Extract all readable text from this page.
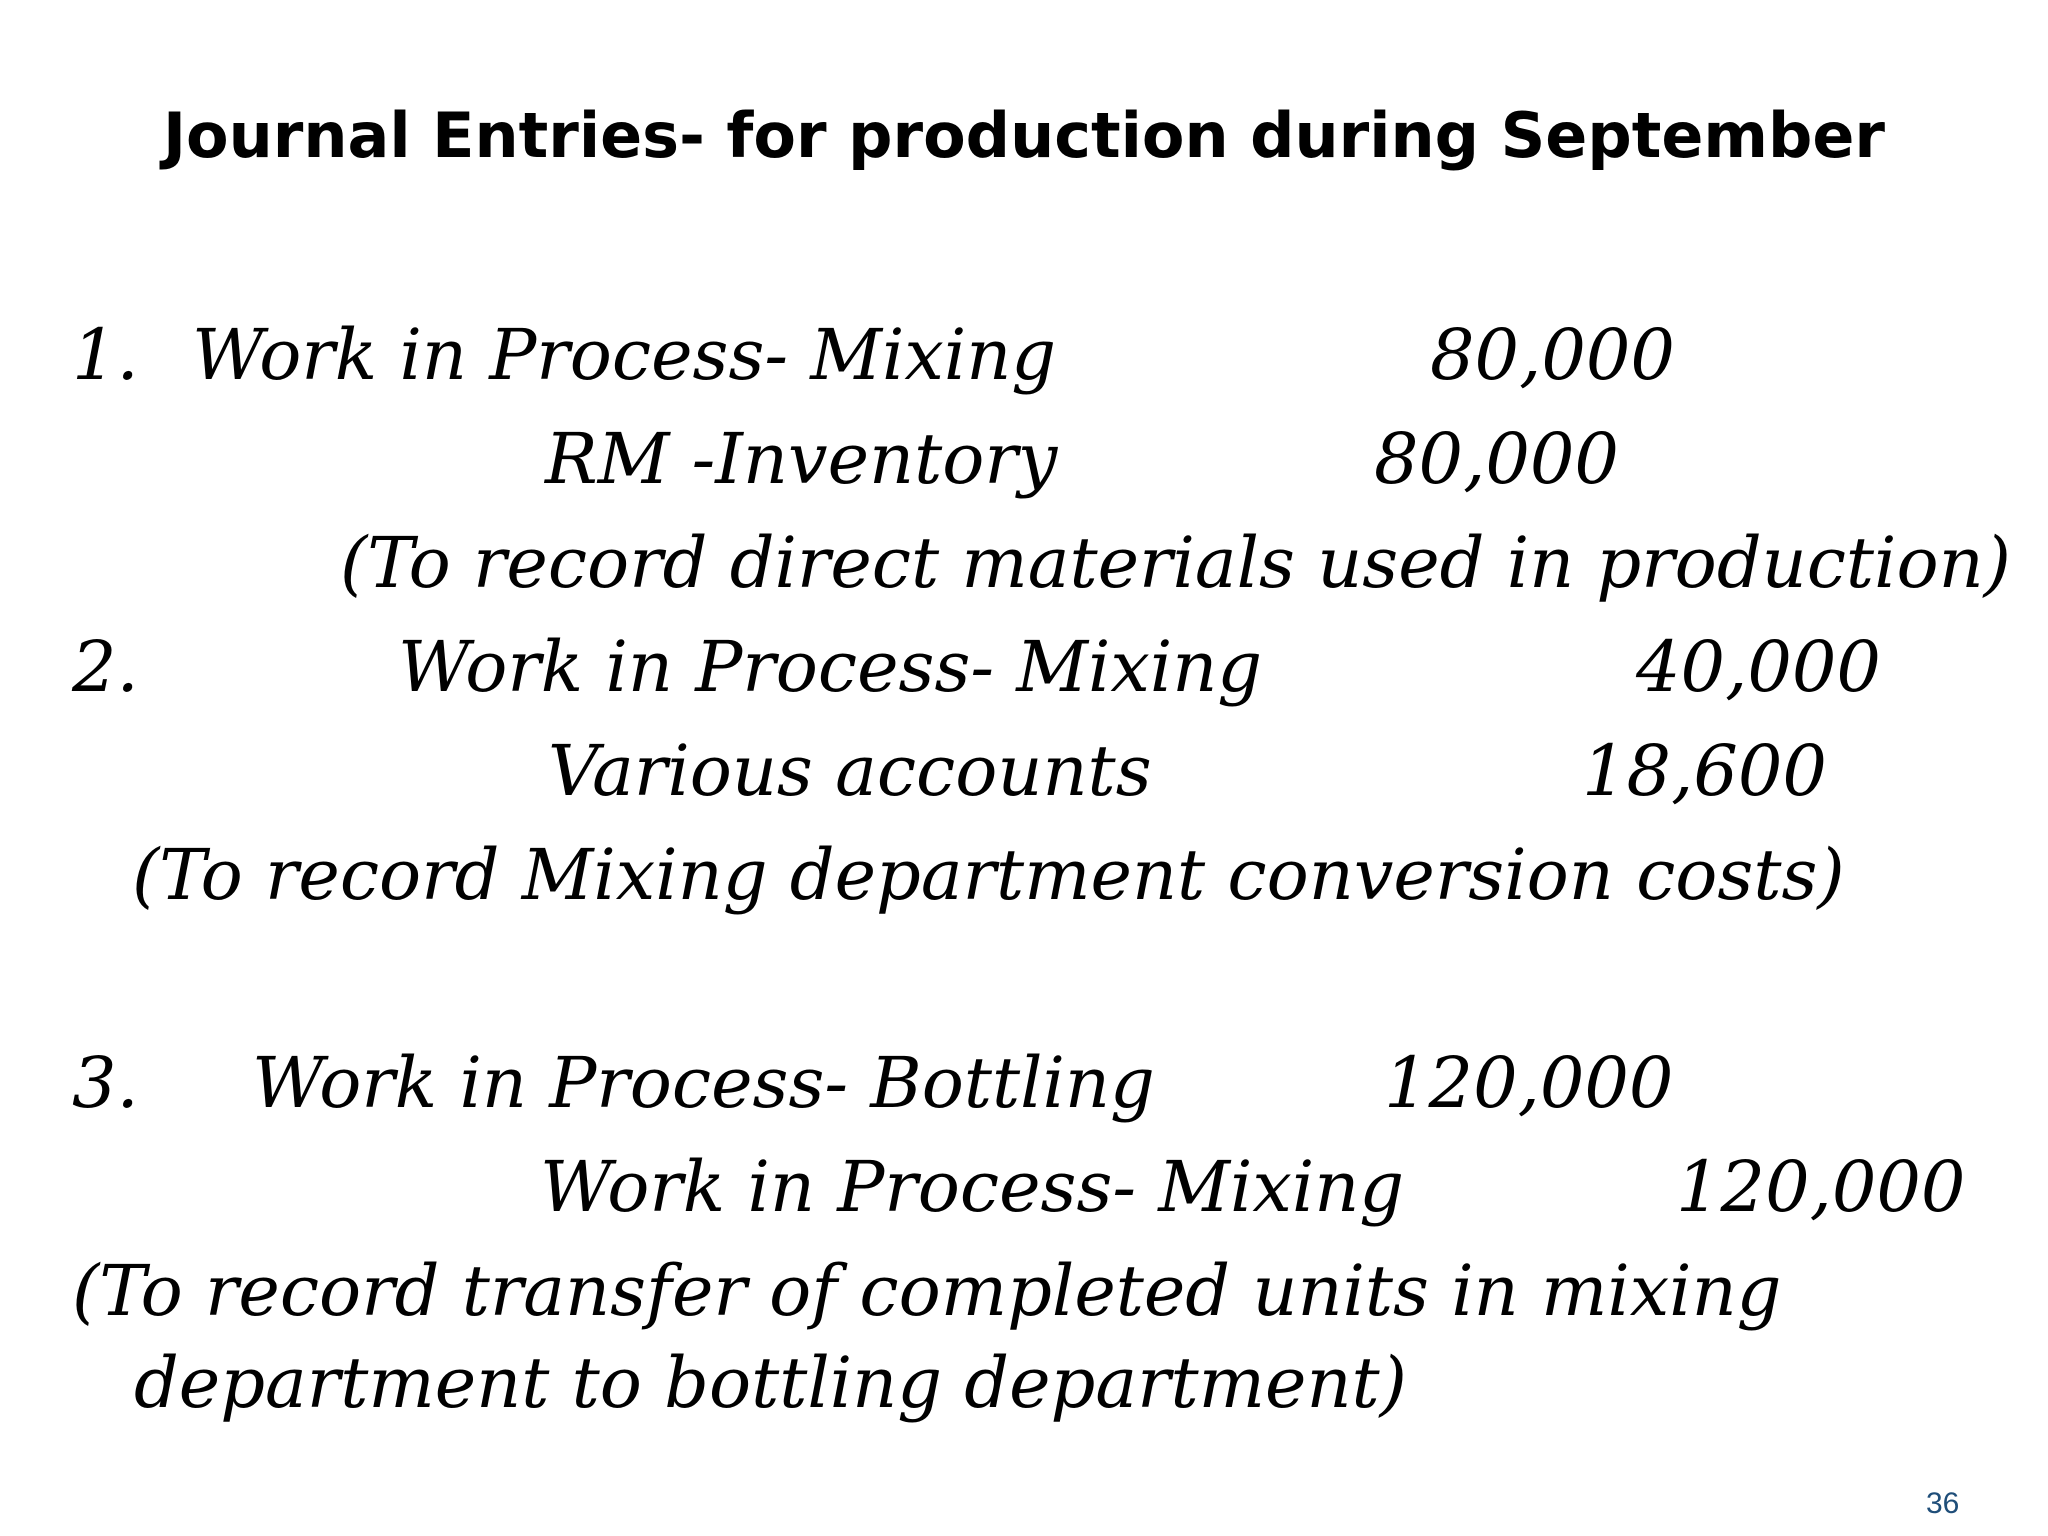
Journal Entries- for production during September
1. Work in Process- Mixing	80,000
RM -Inventory	80,000
(To record direct materials used in production)
2.	Work in Process- Mixing	40,000
Various accounts	18,600
(To record Mixing department conversion costs)
3. Work in Process- Bottling	120,000
Work in Process- Mixing	120,000
(To record transfer of completed units in mixing
department to bottling department)
36
